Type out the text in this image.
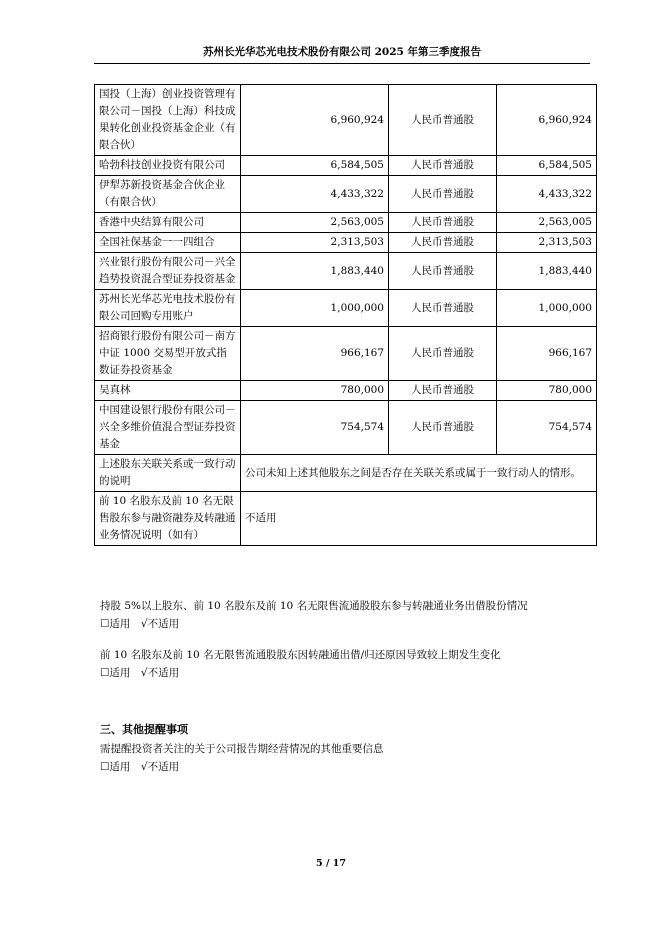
苏州长光华芯光电技术股份有限公司 2025 年第三季度报告
国投（上海）创业投资管理有限公司－国投（上海）科技成果转化创业投资基金企业（有限合伙）	6,960,924	人民币普通股	6,960,924
哈勃科技创业投资有限公司	6,584,505	人民币普通股	6,584,505
伊犁苏新投资基金合伙企业（有限合伙）	4,433,322	人民币普通股	4,433,322
香港中央结算有限公司	2,563,005	人民币普通股	2,563,005
全国社保基金一一四组合	2,313,503	人民币普通股	2,313,503
兴业银行股份有限公司－兴全趋势投资混合型证券投资基金	1,883,440	人民币普通股	1,883,440
苏州长光华芯光电技术股份有限公司回购专用账户	1,000,000	人民币普通股	1,000,000
招商银行股份有限公司－南方中证 1000 交易型开放式指数证券投资基金	966,167	人民币普通股	966,167
吴真林	780,000	人民币普通股	780,000
中国建设银行股份有限公司－兴全多维价值混合型证券投资基金	754,574	人民币普通股	754,574
上述股东关联关系或一致行动的说明	公司未知上述其他股东之间是否存在关联关系或属于一致行动人的情形。		
前 10 名股东及前 10 名无限售股东参与融资融券及转融通业务情况说明（如有）	不适用		
持股 5%以上股东、前 10 名股东及前 10 名无限售流通股股东参与转融通业务出借股份情况
☐适用　√不适用
前 10 名股东及前 10 名无限售流通股股东因转融通出借/归还原因导致较上期发生变化
☐适用　√不适用
三、其他提醒事项
需提醒投资者关注的关于公司报告期经营情况的其他重要信息
☐适用　√不适用
5 / 17
